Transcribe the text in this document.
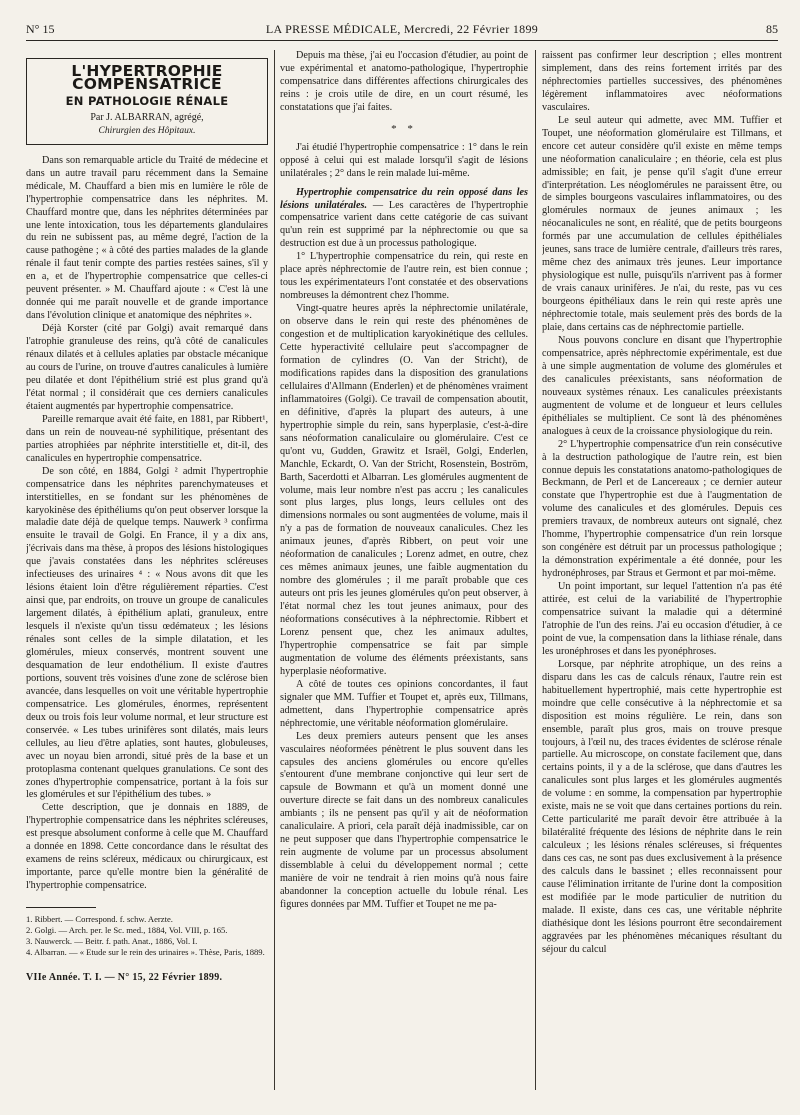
N° 15	LA PRESSE MÉDICALE, Mercredi, 22 Février 1899	85
L'HYPERTROPHIE COMPENSATRICE
EN PATHOLOGIE RÉNALE
Par J. ALBARRAN, agrégé,
Chirurgien des Hôpitaux.

Dans son remarquable article du Traité de médecine et dans un autre travail paru récemment dans la Semaine médicale, M. Chauffard a bien mis en lumière le rôle de l'hypertrophie compensatrice dans les néphrites. M. Chauffard montre que, dans les néphrites déterminées par une lente intoxication, tous les départements glandulaires du rein ne subissent pas, au même degré, l'action de la cause pathogène ; « à côté des parties malades de la glande rénale il faut tenir compte des parties restées saines, s'il y en a, et de l'hypertrophie compensatrice que celles-ci peuvent présenter. » M. Chauffard ajoute : « C'est là une donnée qui me paraît nouvelle et de grande importance dans l'évolution clinique et anatomique des néphrites ».

Déjà Korster (cité par Golgi) avait remarqué dans l'atrophie granuleuse des reins, qu'à côté de canalicules rénaux dilatés et à cellules aplaties par obstacle mécanique au cours de l'urine, on trouve d'autres canalicules à lumière peu dilatée et dont l'épithélium strié est plus grand qu'à l'état normal ; il considérait que ces derniers canalicules étaient augmentés par hypertrophie compensatrice.

Pareille remarque avait été faite, en 1881, par Ribbert¹, dans un rein de nouveau-né syphilitique, présentant des parties atrophiées par néphrite interstitielle et, dit-il, des canalicules en hypertrophie compensatrice.

De son côté, en 1884, Golgi ² admit l'hypertrophie compensatrice dans les néphrites parenchymateuses et interstitielles, en se fondant sur les phénomènes de karyokinèse des épithéliums qu'on peut observer lorsque la maladie date déjà de quelque temps. Nauwerk ³ confirma ensuite le travail de Golgi. En France, il y a dix ans, j'écrivais dans ma thèse, à propos des lésions histologiques que j'avais constatées dans les néphrites scléreuses infectieuses des urinaires ⁴ : « Nous avons dit que les lésions étaient loin d'être régulièrement réparties. C'est ainsi que, par endroits, on trouve un groupe de canalicules largement dilatés, à épithélium aplati, granuleux, entre lesquels il n'existe qu'un tissu œdémateux ; les lésions rénales sont celles de la simple dilatation, et les glomérules, mieux conservés, montrent souvent une desquamation de leur endothélium. Il existe d'autres portions, souvent très voisines d'une zone de sclérose bien avancée, dans lesquelles on voit une véritable hypertrophie compensatrice. Les glomérules, énormes, représentent deux ou trois fois leur volume normal, et leur structure est conservée. « Les tubes urinifères sont dilatés, mais leurs cellules, au lieu d'être aplaties, sont hautes, globuleuses, avec un noyau bien arrondi, situé près de la base et un protoplasma contenant quelques granulations. Ce sont des zones d'hypertrophie compensatrice, portant à la fois sur les glomérules et sur l'épithélium des tubes. »

Cette description, que je donnais en 1889, de l'hypertrophie compensatrice dans les néphrites scléreuses, est presque absolument conforme à celle que M. Chauffard a donnée en 1898. Cette concordance dans le résultat des examens de reins scléreux, médicaux ou chirurgicaux, est importante, parce qu'elle montre bien la généralité de l'hypertrophie compensatrice.

1. Ribbert. — Correspond. f. schw. Aerzte.
2. Golgi. — Arch. per. le Sc. med., 1884, Vol. VIII, p. 165.
3. Nauwerck. — Beitr. f. path. Anat., 1886, Vol. I.
4. Albarran. — « Etude sur le rein des urinaires ». Thèse, Paris, 1889.
VIIe Année. T. I. — N° 15, 22 Février 1899.

Depuis ma thèse, j'ai eu l'occasion d'étudier, au point de vue expérimental et anatomo-pathologique, l'hypertrophie compensatrice dans différentes affections chirurgicales des reins : je crois utile de dire, en un court résumé, les constatations que j'ai faites.

* *

J'ai étudié l'hypertrophie compensatrice : 1° dans le rein opposé à celui qui est malade lorsqu'il s'agit de lésions unilatérales ; 2° dans le rein malade lui-même.

Hypertrophie compensatrice du rein opposé dans les lésions unilatérales. — Les caractères de l'hypertrophie compensatrice varient dans cette catégorie de cas suivant qu'un rein est supprimé par la néphrectomie ou que sa destruction est due à un processus pathologique.

1° L'hypertrophie compensatrice du rein, qui reste en place après néphrectomie de l'autre rein, est bien connue ; tous les expérimentateurs l'ont constatée et des observations nombreuses la démontrent chez l'homme.

Vingt-quatre heures après la néphrectomie unilatérale, on observe dans le rein qui reste des phénomènes de congestion et de multiplication karyokinétique des cellules. Cette hyperactivité cellulaire peut s'accompagner de formation de cylindres (O. Van der Stricht), de modifications rapides dans la disposition des granulations cellulaires d'Allmann (Enderlen) et de phénomènes vraiment inflammatoires (Golgi). Ce travail de compensation aboutit, en définitive, d'après la plupart des auteurs, à une hypertrophie simple du rein, sans hyperplasie, c'est-à-dire sans néoformation canaliculaire ou glomérulaire. C'est ce qu'ont vu, Gudden, Grawitz et Israël, Golgi, Enderlen, Manchle, Eckardt, O. Van der Stricht, Rosenstein, Boström, Barth, Sacerdotti et Albarran. Les glomérules augmentent de volume, mais leur nombre n'est pas accru ; les canalicules sont plus larges, plus longs, leurs cellules ont des dimensions normales ou sont augmentées de volume, mais il n'y a pas de formation de nouveaux canalicules. Chez les animaux jeunes, d'après Ribbert, on peut voir une néoformation de canalicules ; Lorenz admet, en outre, chez ces mêmes animaux jeunes, une faible augmentation du nombre des glomérules ; il me paraît probable que ces auteurs ont pris les jeunes glomérules qu'on peut observer, à l'état normal chez les tout jeunes animaux, pour des néoformations consécutives à la néphrectomie. Ribbert et Lorenz pensent que, chez les animaux adultes, l'hypertrophie compensatrice se fait par simple augmentation de volume des éléments préexistants, sans hyperplasie néoformative.

A côté de toutes ces opinions concordantes, il faut signaler que MM. Tuffier et Toupet et, après eux, Tillmans, admettent, dans l'hypertrophie compensatrice après néphrectomie, une véritable néoformation glomérulaire.

Les deux premiers auteurs pensent que les anses vasculaires néoformées pénètrent le plus souvent dans les capsules des anciens glomérules ou encore qu'elles s'entourent d'une membrane conjonctive qui leur sert de capsule de Bowmann et qu'à un moment donné une ouverture directe se fait dans un des nombreux canalicules ambiants ; ils ne pensent pas qu'il y ait de néoformation canaliculaire. A priori, cela paraît déjà inadmissible, car on ne peut supposer que dans l'hypertrophie compensatrice le rein augmente de volume par un processus absolument dissemblable à celui du développement normal ; cette manière de voir ne tendrait à rien moins qu'à nous faire abandonner la conception actuelle du lobule rénal. Les figures données par MM. Tuffier et Toupet ne me pa-

raissent pas confirmer leur description ; elles montrent simplement, dans des reins fortement irrités par des néphrectomies partielles successives, des phénomènes légèrement inflammatoires avec néoformations vasculaires.

Le seul auteur qui admette, avec MM. Tuffier et Toupet, une néoformation glomérulaire est Tillmans, et encore cet auteur considère qu'il existe en même temps une néoformation canaliculaire ; en théorie, cela est plus admissible; en fait, je pense qu'il s'agit d'une erreur d'interprétation. Les néoglomérules ne paraissent être, ou de simples bourgeons vasculaires inflammatoires, ou des glomérules normaux de jeunes animaux ; les néocanalicules ne sont, en réalité, que de petits bourgeons formés par une accumulation de cellules épithéliales jeunes, sans trace de lumière centrale, d'ailleurs très rares, même chez des animaux très jeunes. Leur importance physiologique est nulle, puisqu'ils n'arrivent pas à former de vrais canaux urinifères. Je n'ai, du reste, pas vu ces bourgeons épithéliaux dans le rein qui reste après une néphrectomie totale, mais seulement près des bords de la plaie, dans certains cas de néphrectomie partielle.

Nous pouvons conclure en disant que l'hypertrophie compensatrice, après néphrectomie expérimentale, est due à une simple augmentation de volume des glomérules et des canalicules préexistants, sans néoformation de nouveaux systèmes rénaux. Les canalicules préexistants augmentent de volume et de longueur et leurs cellules épithéliales se multiplient. Ce sont là des phénomènes analogues à ceux de la croissance physiologique du rein.

2° L'hypertrophie compensatrice d'un rein consécutive à la destruction pathologique de l'autre rein, est bien connue depuis les constatations anatomo-pathologiques de Beckmann, de Perl et de Lancereaux ; ce dernier auteur constate que l'hypertrophie est due à l'augmentation de volume des canalicules et des glomérules. Depuis ces premiers travaux, de nombreux auteurs ont signalé, chez l'homme, l'hypertrophie compensatrice d'un rein lorsque son congénère est détruit par un processus pathologique ; la démonstration expérimentale a été donnée, pour les hydronéphroses, par Straus et Germont et par moi-même.

Un point important, sur lequel l'attention n'a pas été attirée, est celui de la variabilité de l'hypertrophie compensatrice suivant la maladie qui a déterminé l'atrophie de l'un des reins. J'ai eu occasion d'étudier, à ce point de vue, la compensation dans la lithiase rénale, dans les uronéphroses et dans les pyonéphroses.

Lorsque, par néphrite atrophique, un des reins a disparu dans les cas de calculs rénaux, l'autre rein est habituellement hypertrophié, mais cette hypertrophie est moindre que celle consécutive à la néphrectomie et sa disposition est moins régulière. Le rein, dans son ensemble, paraît plus gros, mais on trouve presque toujours, à l'œil nu, des traces évidentes de sclérose rénale partielle. Au microscope, on constate facilement que, dans certains points, il y a de la sclérose, que dans d'autres les canalicules sont plus larges et les glomérules augmentés de volume : en somme, la compensation par hypertrophie existe, mais ne se voit que dans certaines portions du rein. Cette particularité me paraît devoir être attribuée à la bilatéralité fréquente des lésions de néphrite dans le rein calculeux ; les lésions rénales scléreuses, si fréquentes dans ces cas, ne sont pas dues exclusivement à la présence des calculs dans le bassinet ; elles reconnaissent pour cause l'élimination irritante de l'urine dont la composition est modifiée par le mode particulier de nutrition du malade. Il existe, dans ces cas, une véritable néphrite diathésique dont les lésions pourront être secondairement aggravées par les phénomènes mécaniques résultant du séjour du calcul
